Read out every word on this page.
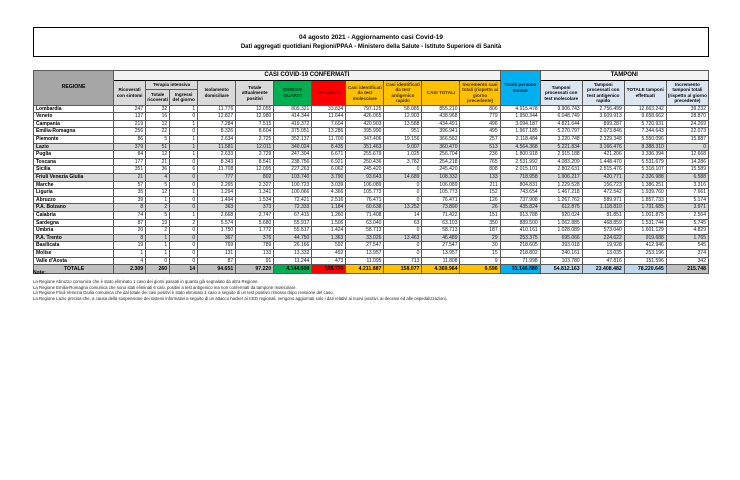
04 agosto 2021 - Aggiornamento casi Covid-19
Dati aggregati quotidiani Regioni/PPAA - Ministero della Salute - Istituto Superiore di Sanità
REGIONE	CASI COVID-19 CONFERMATI											Totale persone testate	TAMPONI			
	Ricoverati con sintomi	Terapia intensiva		Isolamento domiciliare	Totale attualmente positivi	DIMESSI GUARITI	DECEDUTI	Casi identificati da test molecolare	Casi identificati da test antigenico rapido	CASI TOTALI	Incremento casi totali (rispetto al giorno precedente)		Tamponi processati con test molecolare	Tamponi processati con test antigenico rapido	TOTALE tamponi effettuati	Incremento tamponi totali (rispetto al giorno precedente)
		Totale ricoverati	Ingressi del giorno													
Lombardia	247	32	1	11.776	12.055	809.321	33.834	797.125	58.085	855.210	806	4.915.478	9.906.743	2.756.499	12.663.242	39.232
Veneto	137	16	0	12.827	12.980	414.344	11.644	426.065	12.903	438.968	779	1.950.344	6.048.749	3.609.913	9.658.662	28.870
Campania	219	12	1	7.284	7.515	419.372	7.604	420.903	13.588	434.491	496	3.094.187	4.821.644	899.287	5.720.931	24.269
Emilia-Romagna	256	22	0	8.326	8.604	375.051	13.286	395.990	951	396.941	495	1.967.185	5.270.797	2.073.846	7.344.643	22.073
Piemonte	86	5	1	2.634	2.725	352.137	11.700	347.406	19.156	366.562	257	2.118.484	3.220.748	2.329.348	5.550.096	15.887
Lazio	379	51	1	11.581	12.011	340.024	8.435	351.463	9.007	360.470	513	4.564.368	5.221.834	3.166.476	8.388.310	0
Puglia	84	12	1	2.633	2.729	247.304	6.671	255.679	1.025	256.704	236	1.800.918	2.915.188	421.206	3.336.394	12.668
Toscana	177	21	0	8.343	8.541	238.756	6.921	250.436	3.782	254.218	765	2.531.992	4.083.209	1.448.470	5.531.679	14.286
Sicilia	351	36	6	11.708	12.095	227.263	6.062	245.420	0	245.420	808	2.015.101	2.802.631	2.515.476	5.318.107	15.589
Friuli Venezia Giulia	21	4	0	777	802	103.740	3.790	93.643	14.689	108.332	133	718.958	1.906.217	420.771	2.326.988	6.588
Marche	57	5	0	2.265	2.327	100.723	3.039	106.089	0	106.089	211	804.831	1.229.528	156.723	1.386.251	3.316
Liguria	35	12	1	1.294	1.341	100.066	4.366	105.773	0	105.773	152	743.654	1.467.218	472.542	1.939.760	7.661
Abruzzo	39	1	0	1.494	1.534	72.421	2.516	76.471	0	76.471	126	737.908	1.267.762	589.971	1.857.733	5.174
P.A. Bolzano	8	2	0	363	373	72.333	1.184	60.638	13.252	73.890	26	435.824	612.875	1.118.810	1.731.685	3.971
Calabria	74	5	1	2.668	2.747	67.415	1.260	71.408	14	71.422	151	913.788	920.024	81.851	1.001.875	2.564
Sardegna	87	19	2	5.574	5.680	55.917	1.506	63.040	63	63.103	350	889.500	1.062.885	468.859	1.531.744	5.745
Umbria	20	2	0	1.750	1.772	55.517	1.424	58.713	0	58.713	187	410.161	1.028.089	573.040	1.601.129	4.829
P.A. Trento	8	1	0	367	376	44.750	1.363	33.026	13.463	46.489	29	253.375	695.066	224.622	919.688	1.765
Basilicata	19	1	0	769	789	26.166	592	27.547	0	27.547	30	218.605	393.018	19.928	412.946	545
Molise	1	1	0	131	133	13.332	492	13.957	0	13.957	15	218.802	240.161	13.035	253.196	374
Valle d'Aosta	4	0	0	87	91	11.244	473	11.095	713	11.808	9	71.998	103.780	47.816	151.596	342
TOTALE	2.309	260	14	94.651	97.220	4.144.608	128.136	4.211.887	158.077	4.369.964	6.596	31.146.880	54.812.163	23.408.482	78.220.645	215.748
Note:
La Regione Abruzzo comunica che è stato eliminato 1 caso dei giorni passati in quanto già segnalato da altra Regione.
La Regione Emilia-Romagna comunica che sono stati eliminati 6 casi, positivi a test antigenico ma non confermati da tampone molecolare.
La Regione Friuli Venezia Giulia comunica che dal totale dei casi positivi è stato eliminato 1 caso a seguito di un test positivo rimosso dopo revisione del caso.
La Regione Lazio precisa che, a causa della sospensione dei sistemi informativi a seguito di un attacco hacker ai CED regionali, vengono aggiornati solo i dati relativi ai nuovi positivi, ai decessi ed alle ospedalizzazioni.
